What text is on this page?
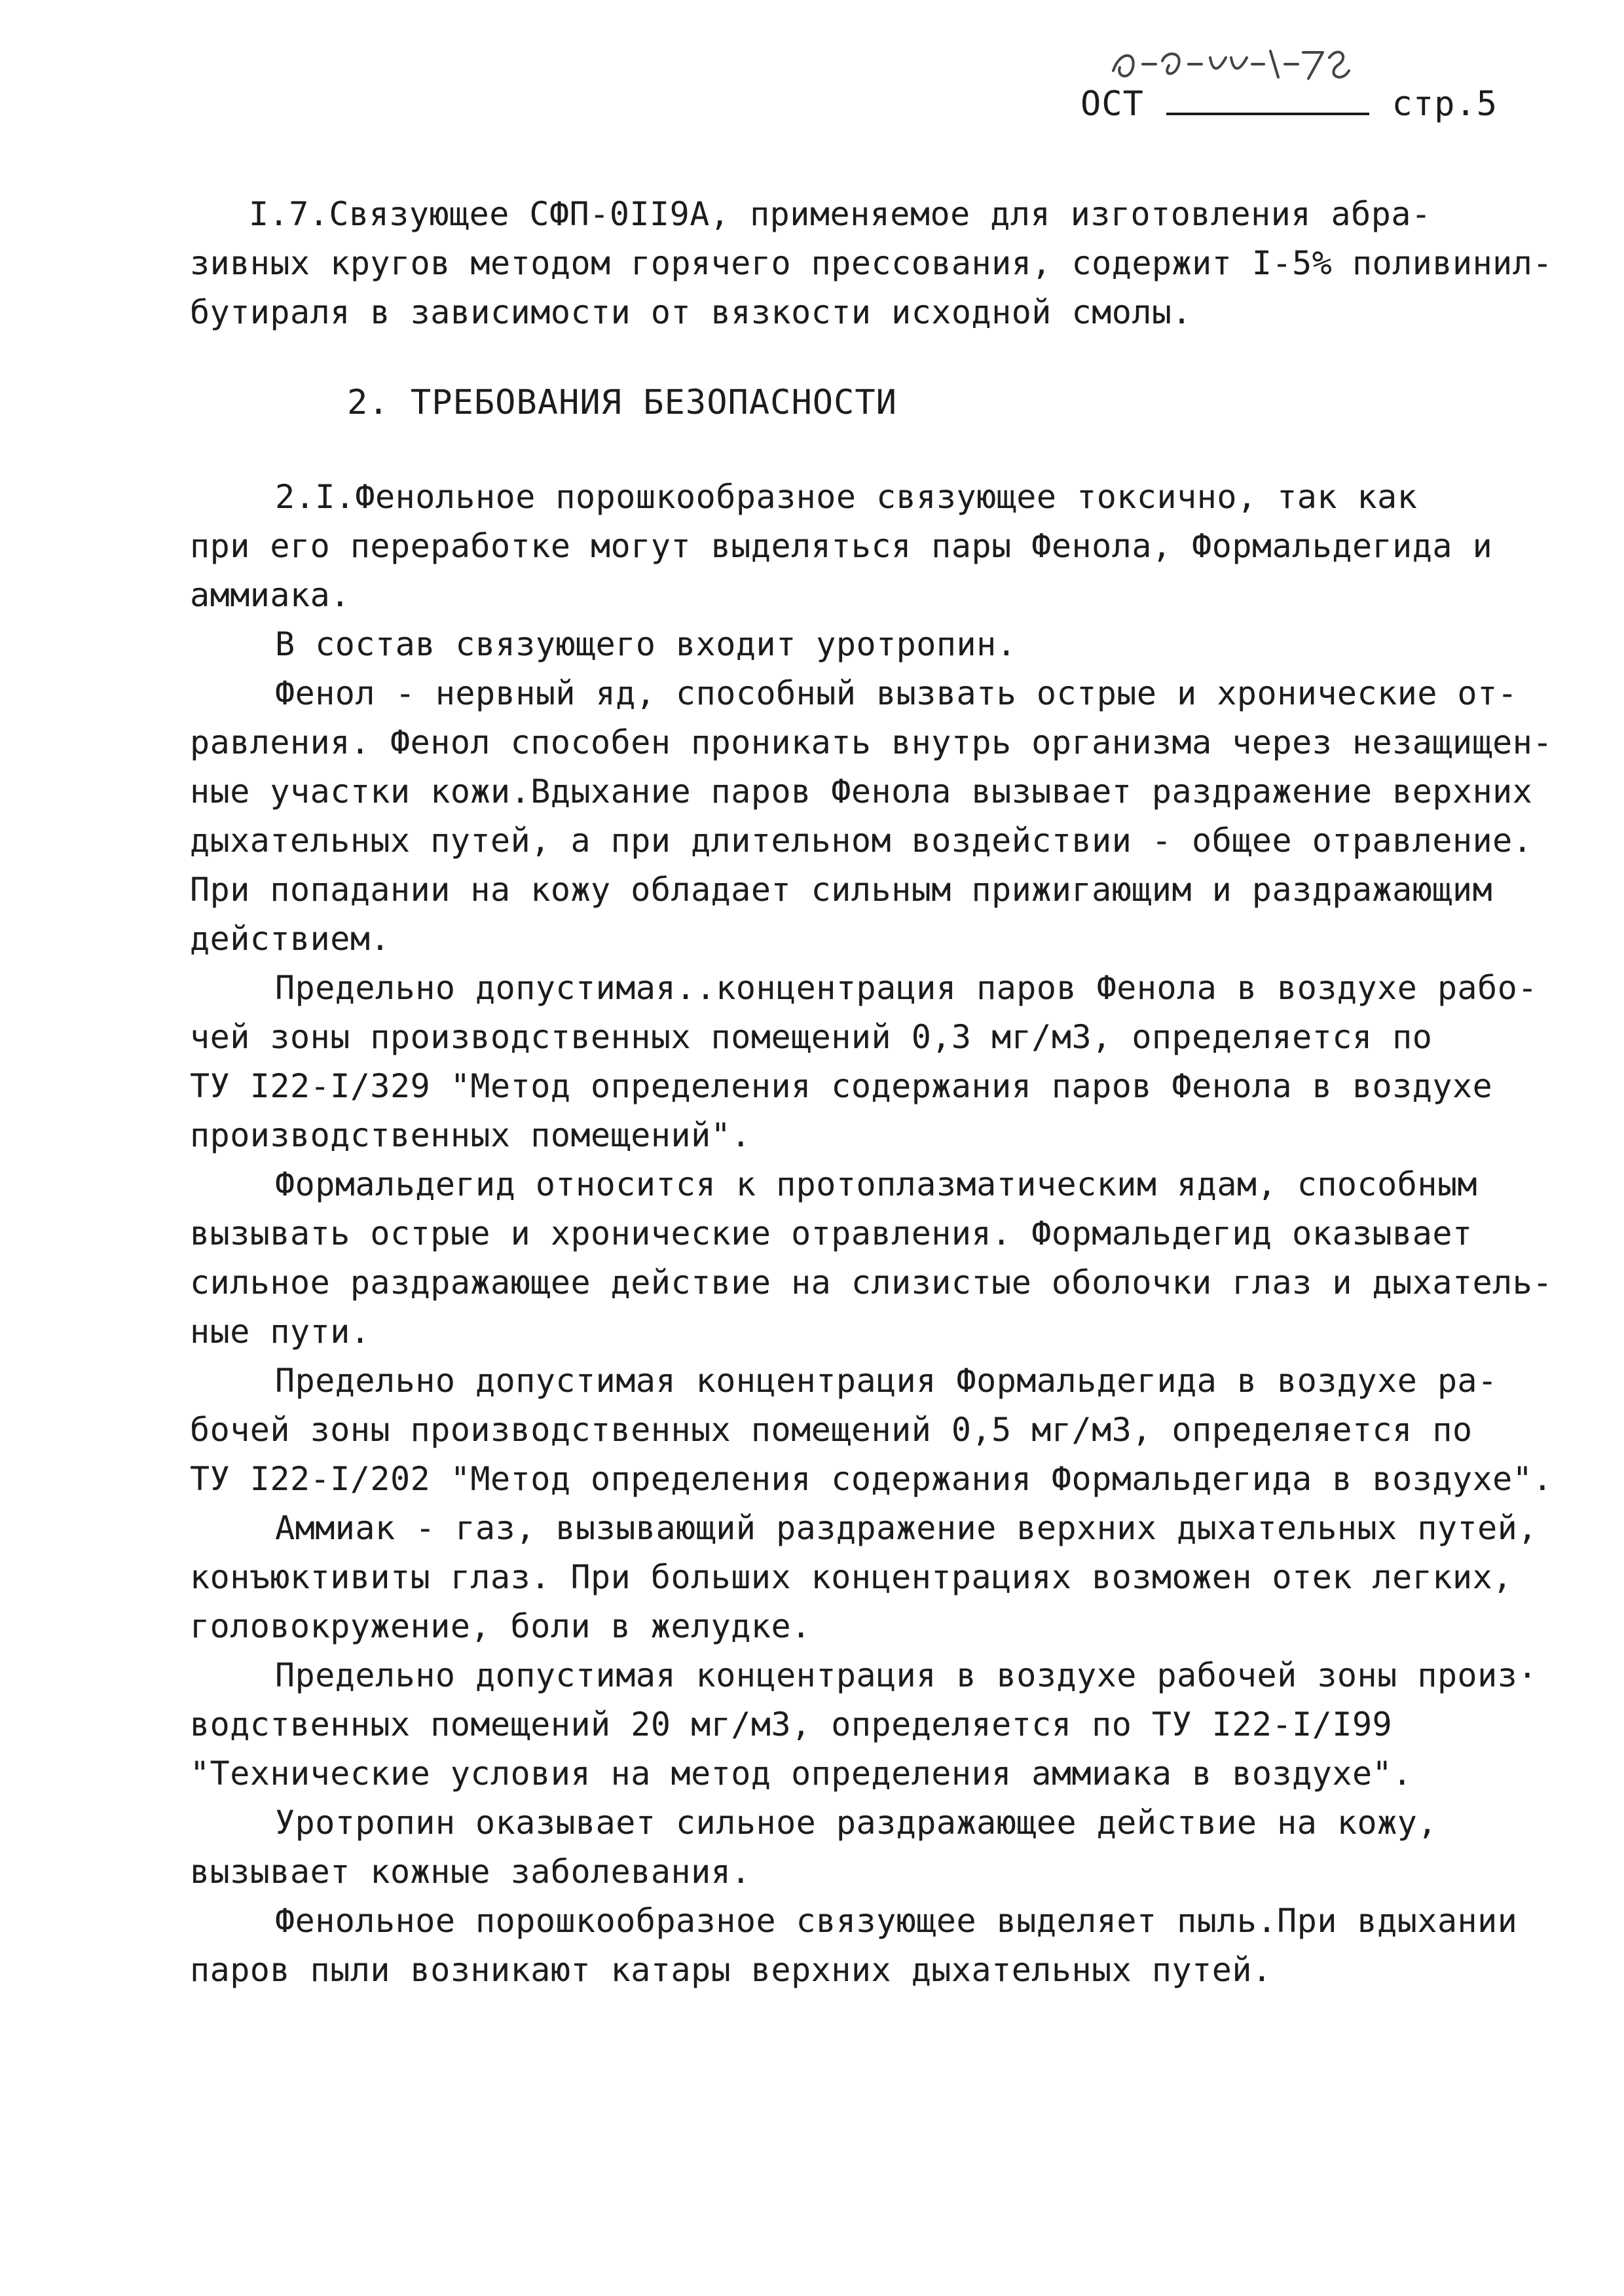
ОСТ	стр.5
I.7.Связующее СФП-0II9А, применяемое для изготовления абра-
зивных кругов методом горячего прессования, содержит I-5% поливинил-
бутираля в зависимости от вязкости исходной смолы.
2. ТРЕБОВАНИЯ БЕЗОПАСНОСТИ
2.I.Фенольное порошкообразное связующее токсично, так как
при его переработке могут выделяться пары Фенола, Формальдегида и
аммиака.
В состав связующего входит уротропин.
Фенол - нервный яд, способный вызвать острые и хронические от-
равления. Фенол способен проникать внутрь организма через незащищен-
ные участки кожи.Вдыхание паров Фенола вызывает раздражение верхних
дыхательных путей, а при длительном воздействии - общее отравление.
При попадании на кожу обладает сильным прижигающим и раздражающим
действием.
Предельно допустимая..концентрация паров Фенола в воздухе рабо-
чей зоны производственных помещений 0,3 мг/м3, определяется по
ТУ I22-I/329 "Метод определения содержания паров Фенола в воздухе
производственных помещений".
Формальдегид относится к протоплазматическим ядам, способным
вызывать острые и хронические отравления. Формальдегид оказывает
сильное раздражающее действие на слизистые оболочки глаз и дыхатель-
ные пути.
Предельно допустимая концентрация Формальдегида в воздухе ра-
бочей зоны производственных помещений 0,5 мг/м3, определяется по
ТУ I22-I/202 "Метод определения содержания Формальдегида в воздухе".
Аммиак - газ, вызывающий раздражение верхних дыхательных путей,
конъюктивиты глаз. При больших концентрациях возможен отек легких,
головокружение, боли в желудке.
Предельно допустимая концентрация в воздухе рабочей зоны произ·
водственных помещений 20 мг/м3, определяется по ТУ I22-I/I99
"Технические условия на метод определения аммиака в воздухе".
Уротропин оказывает сильное раздражающее действие на кожу,
вызывает кожные заболевания.
Фенольное порошкообразное связующее выделяет пыль.При вдыхании
паров пыли возникают катары верхних дыхательных путей.
